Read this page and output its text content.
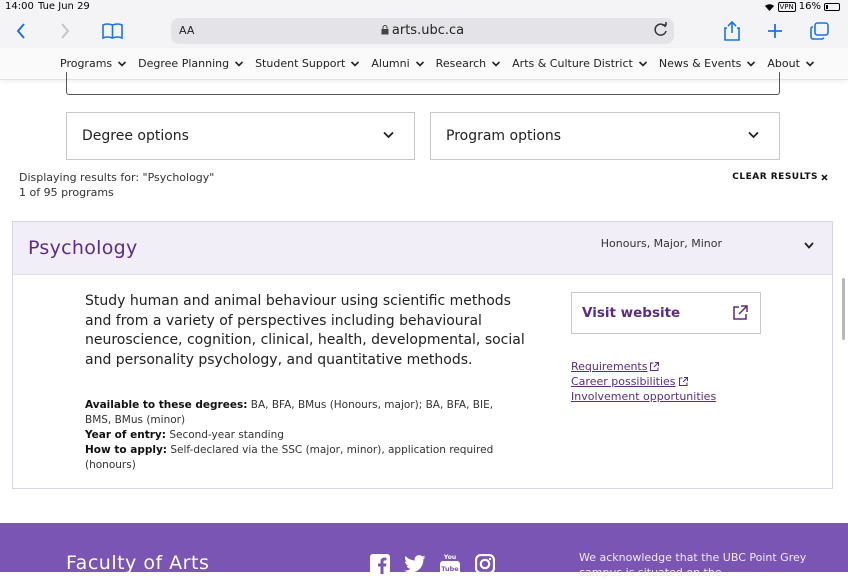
14:00 Tue Jun 29	VPN 16%
AA	arts.ubc.ca
Programs Degree Planning Student Support Alumni Research Arts & Culture District News & Events About
Degree options	Program options
Displaying results for: "Psychology"
1 of 95 programs
CLEAR RESULTS
Psychology	Honours, Major, Minor

Study human and animal behaviour using scientific methods and from a variety of perspectives including behavioural neuroscience, cognition, clinical, health, developmental, social and personality psychology, and quantitative methods.

Available to these degrees: BA, BFA, BMus (Honours, major); BA, BFA, BIE, BMS, BMus (minor)
Year of entry: Second-year standing
How to apply: Self-declared via the SSC (major, minor), application required (honours)
Visit website
Requirements
Career possibilities
Involvement opportunities
Faculty of Arts	You
Tube
We acknowledge that the UBC Point Grey campus is situated on the
